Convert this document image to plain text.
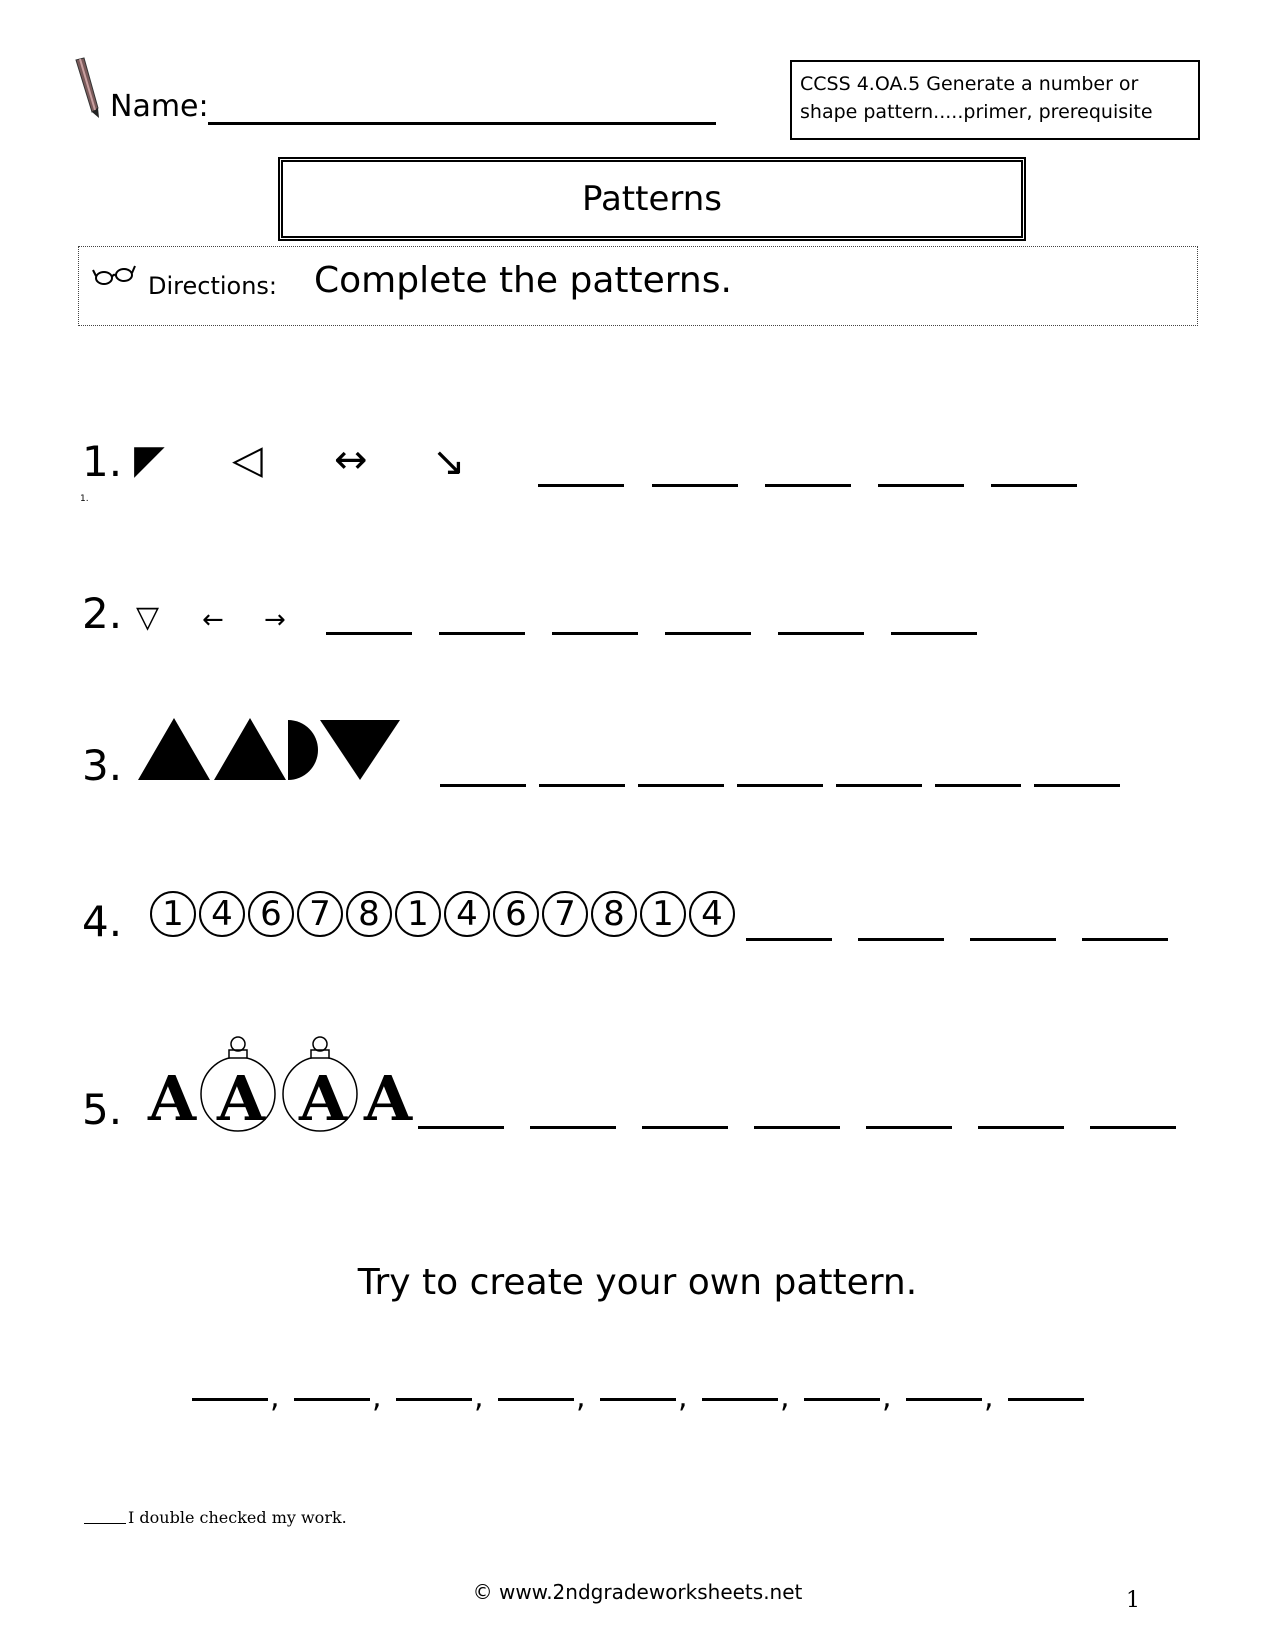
Name:
CCSS 4.OA.5 Generate a number or
shape pattern.....primer, prerequisite
Patterns
Directions: Complete the patterns.
1.
1.
◤ ◁ ↔ ↘
2. ▽ ← →
3.
4.	1 4 6 7 8 1 4 6 7 8 1 4
5. A A A A
Try to create your own pattern.
,	,	,	,	,	,	,	,
I double checked my work.
© www.2ndgradeworksheets.net	1
